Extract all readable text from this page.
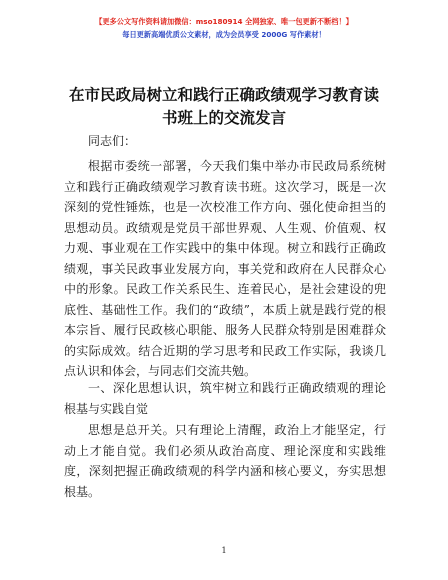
【更多公文写作资料请加微信：mso180914 全网独家、唯一包更新不断档！】
每日更新高端优质公文素材，成为会员享受 2000G 写作素材！
在市民政局树立和践行正确政绩观学习教育读
书班上的交流发言
同志们：

根据市委统一部署，今天我们集中举办市民政局系统树立和践行正确政绩观学习教育读书班。这次学习，既是一次深刻的党性锤炼，也是一次校准工作方向、强化使命担当的思想动员。政绩观是党员干部世界观、人生观、价值观、权力观、事业观在工作实践中的集中体现。树立和践行正确政绩观，事关民政事业发展方向，事关党和政府在人民群众心中的形象。民政工作关系民生、连着民心，是社会建设的兜底性、基础性工作。我们的“政绩”，本质上就是践行党的根本宗旨、履行民政核心职能、服务人民群众特别是困难群众的实际成效。结合近期的学习思考和民政工作实际，我谈几点认识和体会，与同志们交流共勉。

一、深化思想认识，筑牢树立和践行正确政绩观的理论根基与实践自觉

思想是总开关。只有理论上清醒，政治上才能坚定，行动上才能自觉。我们必须从政治高度、理论深度和实践维度，深刻把握正确政绩观的科学内涵和核心要义，夯实思想根基。

1
